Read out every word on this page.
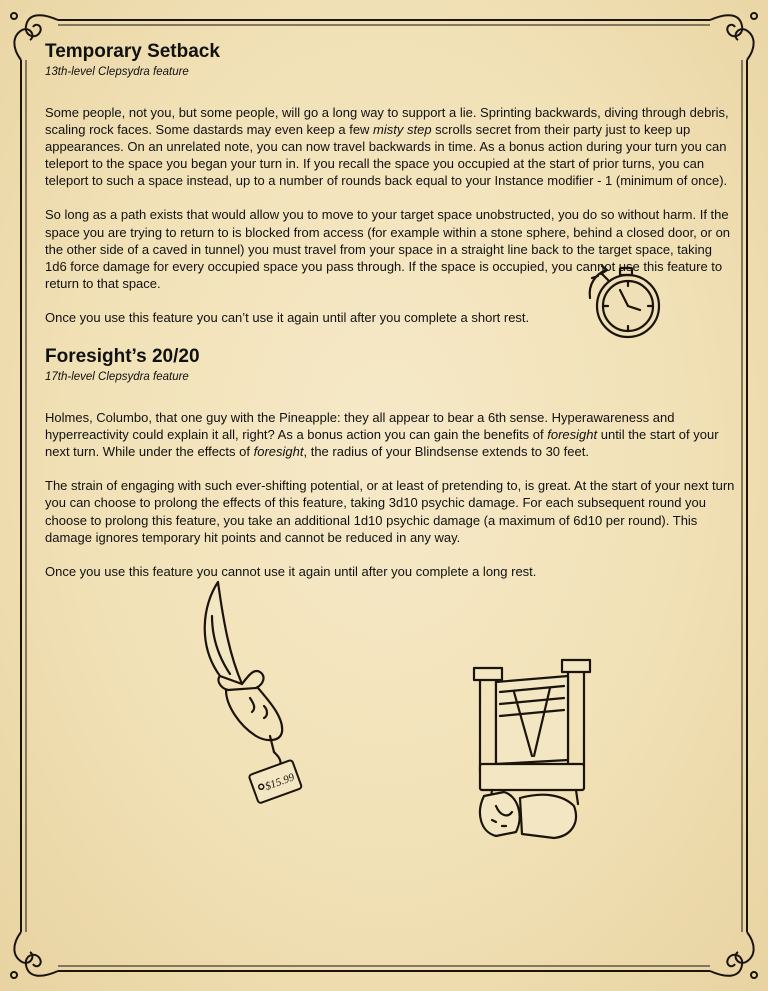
Temporary Setback
13th-level Clepsydra feature

Some people, not you, but some people, will go a long way to support a lie. Sprinting backwards, diving through debris, scaling rock faces. Some dastards may even keep a few misty step scrolls secret from their party just to keep up appearances. On an unrelated note, you can now travel backwards in time. As a bonus action during your turn you can teleport to the space you began your turn in. If you recall the space you occupied at the start of prior turns, you can teleport to such a space instead, up to a number of rounds back equal to your Instance modifier - 1 (minimum of once).

So long as a path exists that would allow you to move to your target space unobstructed, you do so without harm. If the space you are trying to return to is blocked from access (for example within a stone sphere, behind a closed door, or on the other side of a caved in tunnel) you must travel from your space in a straight line back to the target space, taking 1d6 force damage for every occupied space you pass through. If the space is occupied, you cannot use this feature to return to that space.

Once you use this feature you can’t use it again until after you complete a short rest.

Foresight’s 20/20
17th-level Clepsydra feature

Holmes, Columbo, that one guy with the Pineapple: they all appear to bear a 6th sense. Hyperawareness and hyperreactivity could explain it all, right? As a bonus action you can gain the benefits of foresight until the start of your next turn. While under the effects of foresight, the radius of your Blindsense extends to 30 feet.

The strain of engaging with such ever-shifting potential, or at least of pretending to, is great. At the start of your next turn you can choose to prolong the effects of this feature, taking 3d10 psychic damage. For each subsequent round you choose to prolong this feature, you take an additional 1d10 psychic damage (a maximum of 6d10 per round). This damage ignores temporary hit points and cannot be reduced in any way.

Once you use this feature you cannot use it again until after you complete a long rest.

$15.99
